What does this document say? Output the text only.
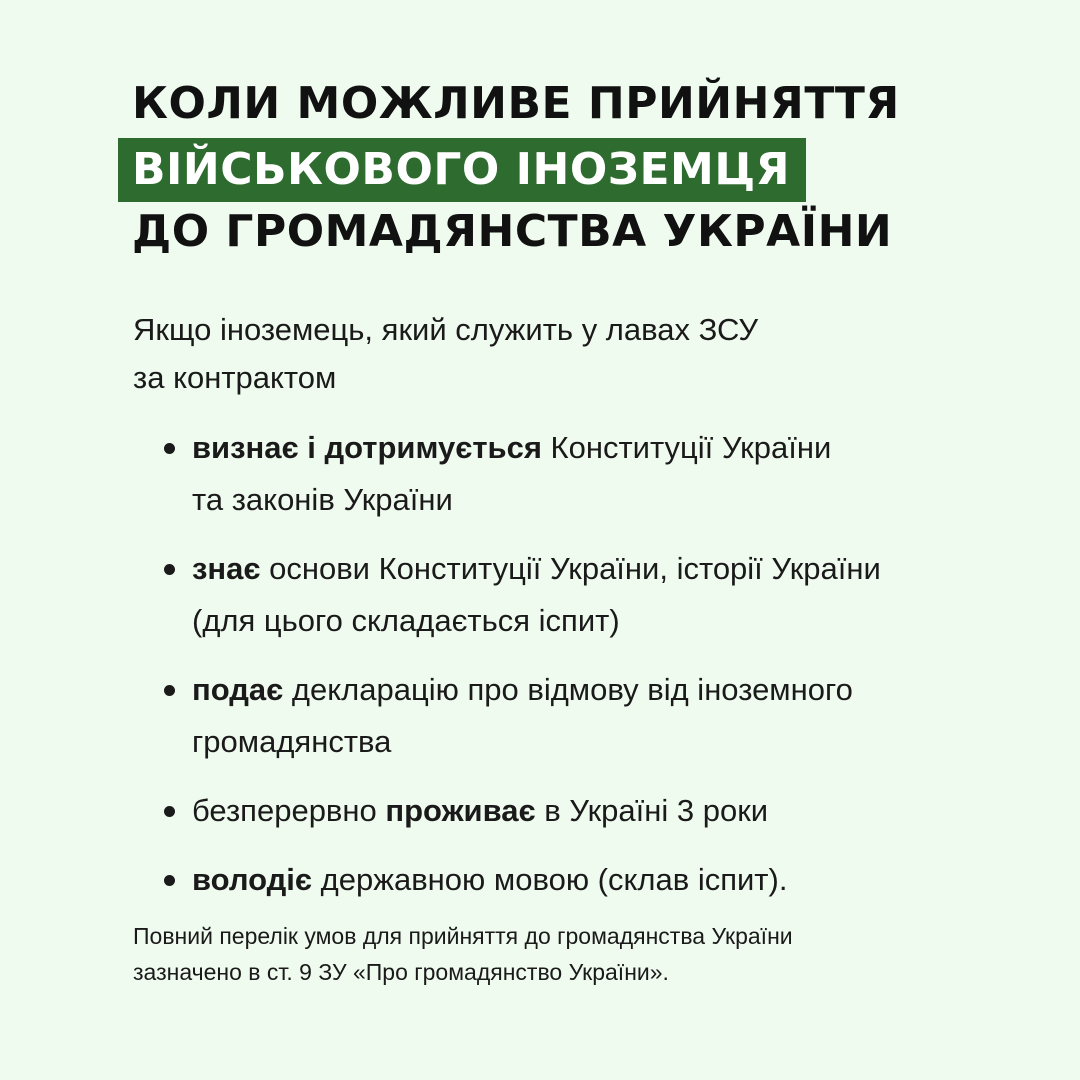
КОЛИ МОЖЛИВЕ ПРИЙНЯТТЯ
ВІЙСЬКОВОГО ІНОЗЕМЦЯ
ДО ГРОМАДЯНСТВА УКРАЇНИ
Якщо іноземець, який служить у лавах ЗСУ
за контрактом
визнає і дотримується Конституції України
та законів України
знає основи Конституції України, історії України
(для цього складається іспит)
подає декларацію про відмову від іноземного
громадянства
безперервно проживає в Україні 3 роки
володіє державною мовою (склав іспит).
Повний перелік умов для прийняття до громадянства України
зазначено в ст. 9 ЗУ «Про громадянство України».
